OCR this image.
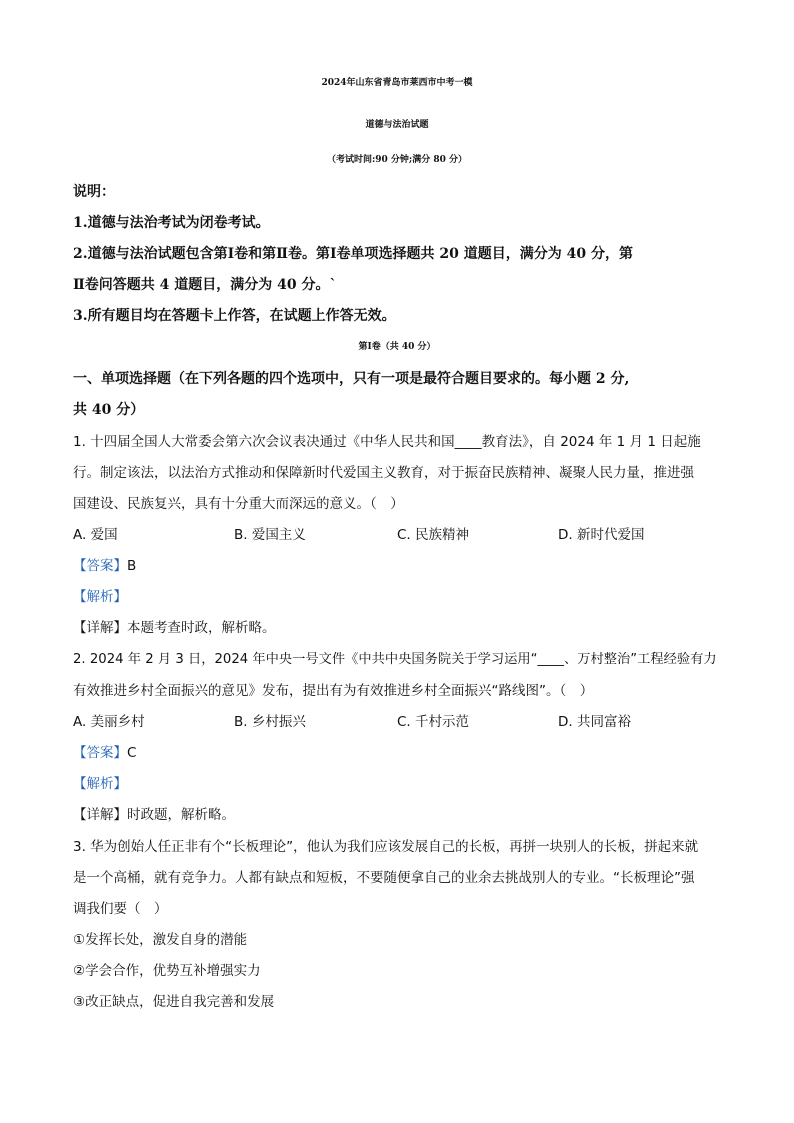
2024年山东省青岛市莱西市中考一模
道德与法治试题
（考试时间:90 分钟;满分 80 分）
说明：
1.道德与法治考试为闭卷考试。
2.道德与法治试题包含第Ⅰ卷和第Ⅱ卷。第Ⅰ卷单项选择题共 20 道题目，满分为 40 分，第
Ⅱ卷问答题共 4 道题目，满分为 40 分。`
3.所有题目均在答题卡上作答，在试题上作答无效。
第Ⅰ卷（共 40 分）
一、单项选择题（在下列各题的四个选项中，只有一项是最符合题目要求的。每小题 2 分,
共 40 分）
1. 十四届全国人大常委会第六次会议表决通过《中华人民共和国____教育法》，自 2024 年 1 月 1 日起施
行。制定该法，以法治方式推动和保障新时代爱国主义教育，对于振奋民族精神、凝聚人民力量，推进强
国建设、民族复兴，具有十分重大而深远的意义。（　）
A. 爱国	B. 爱国主义	C. 民族精神	D. 新时代爱国
【答案】B
【解析】
【详解】本题考查时政，解析略。
2. 2024 年 2 月 3 日，2024 年中央一号文件《中共中央国务院关于学习运用“____、万村整治”工程经验有力
有效推进乡村全面振兴的意见》发布，提出有为有效推进乡村全面振兴“路线图”。（　）
A. 美丽乡村	B. 乡村振兴	C. 千村示范	D. 共同富裕
【答案】C
【解析】
【详解】时政题，解析略。
3. 华为创始人任正非有个“长板理论”，他认为我们应该发展自己的长板，再拼一块别人的长板，拼起来就
是一个高桶，就有竞争力。人都有缺点和短板，不要随便拿自己的业余去挑战别人的专业。“长板理论”强
调我们要（　）
①发挥长处，激发自身的潜能
②学会合作，优势互补增强实力
③改正缺点，促进自我完善和发展
